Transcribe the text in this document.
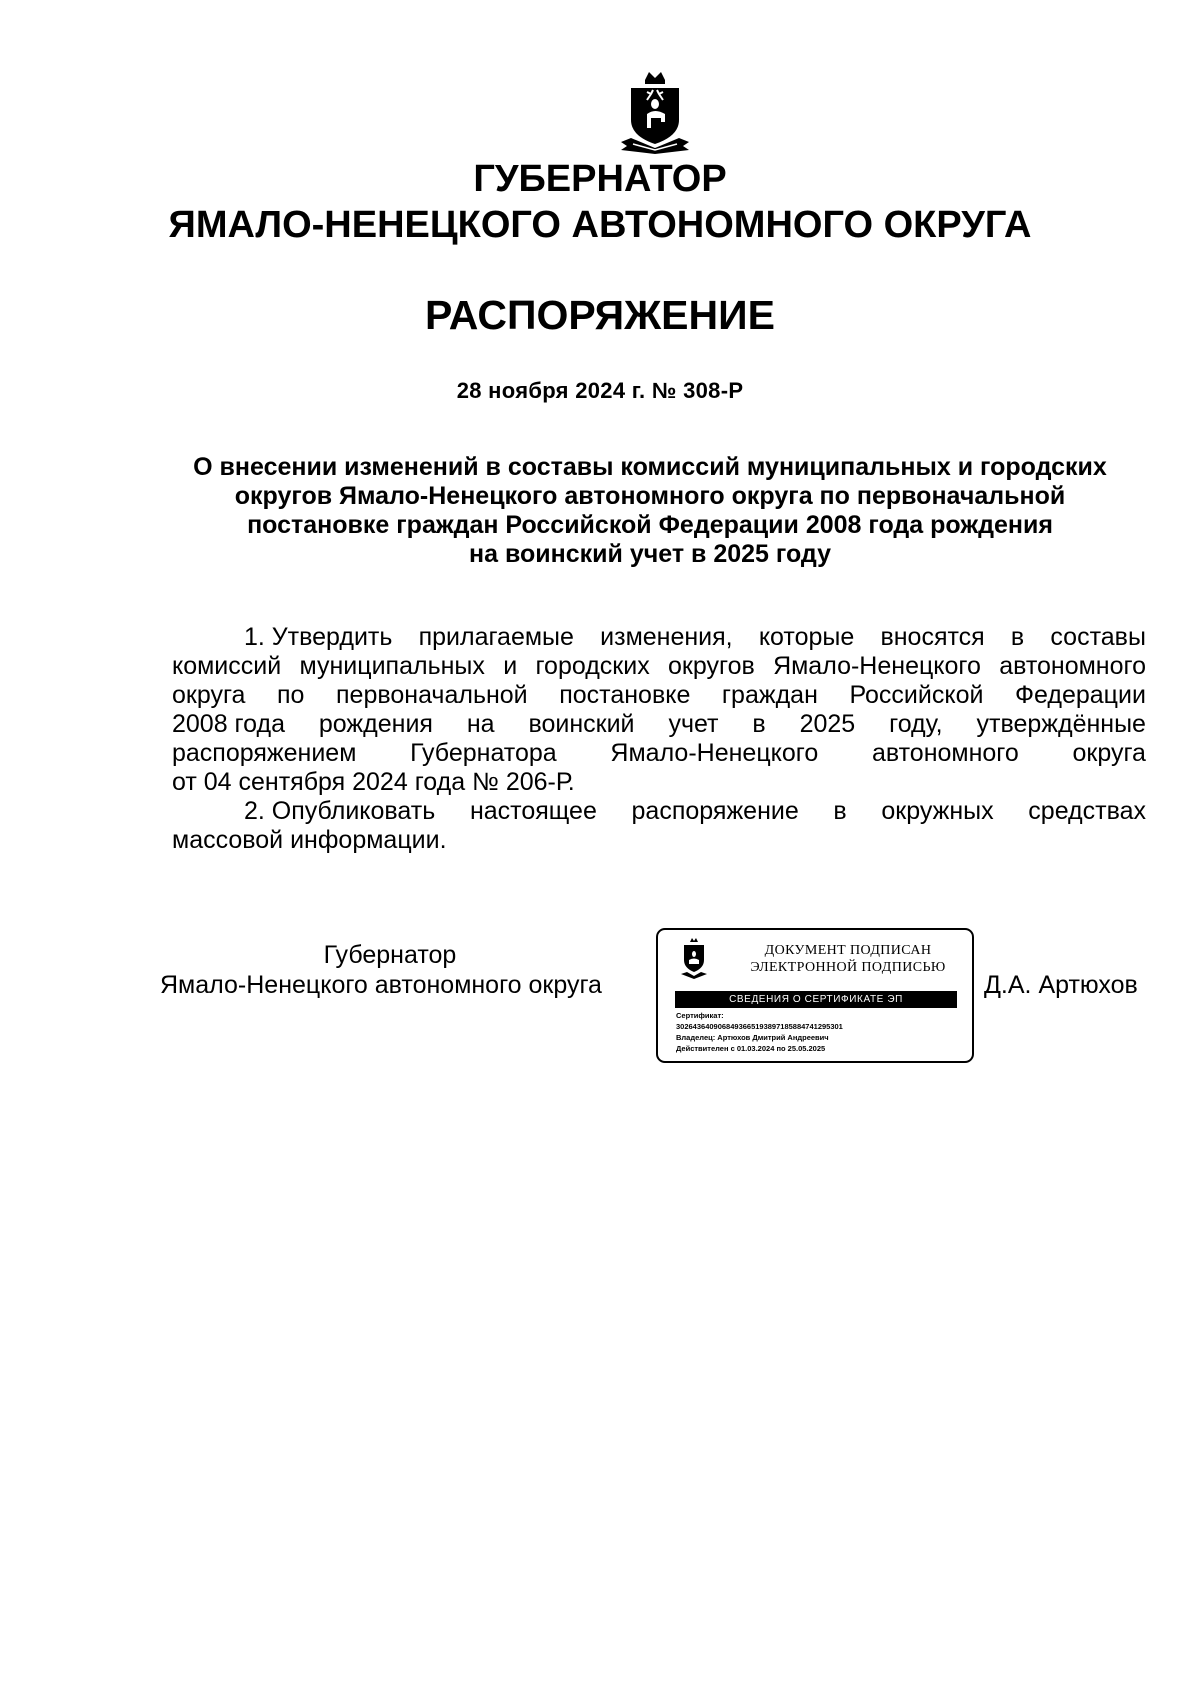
ГУБЕРНАТОР
ЯМАЛО-НЕНЕЦКОГО АВТОНОМНОГО ОКРУГА
РАСПОРЯЖЕНИЕ
28 ноября 2024 г. № 308-Р
О внесении изменений в составы комиссий муниципальных и городских
округов Ямало-Ненецкого автономного округа по первоначальной
постановке граждан Российской Федерации 2008 года рождения
на воинский учет в 2025 году
1. Утвердить прилагаемые изменения, которые вносятся в составы
комиссий муниципальных и городских округов Ямало-Ненецкого автономного
округа по первоначальной постановке граждан Российской Федерации
2008 года рождения на воинский учет в 2025 году, утверждённые
распоряжением Губернатора Ямало-Ненецкого автономного округа
от 04 сентября 2024 года № 206-Р.
2. Опубликовать настоящее распоряжение в окружных средствах
массовой информации.
Губернатор
Ямало-Ненецкого автономного округа
ДОКУМЕНТ ПОДПИСАН
ЭЛЕКТРОННОЙ ПОДПИСЬЮ
СВЕДЕНИЯ О СЕРТИФИКАТЕ ЭП
Сертификат:
3026436409068493665193897185884741295301
Владелец: Артюхов Дмитрий Андреевич
Действителен с 01.03.2024 по 25.05.2025
Д.А. Артюхов
